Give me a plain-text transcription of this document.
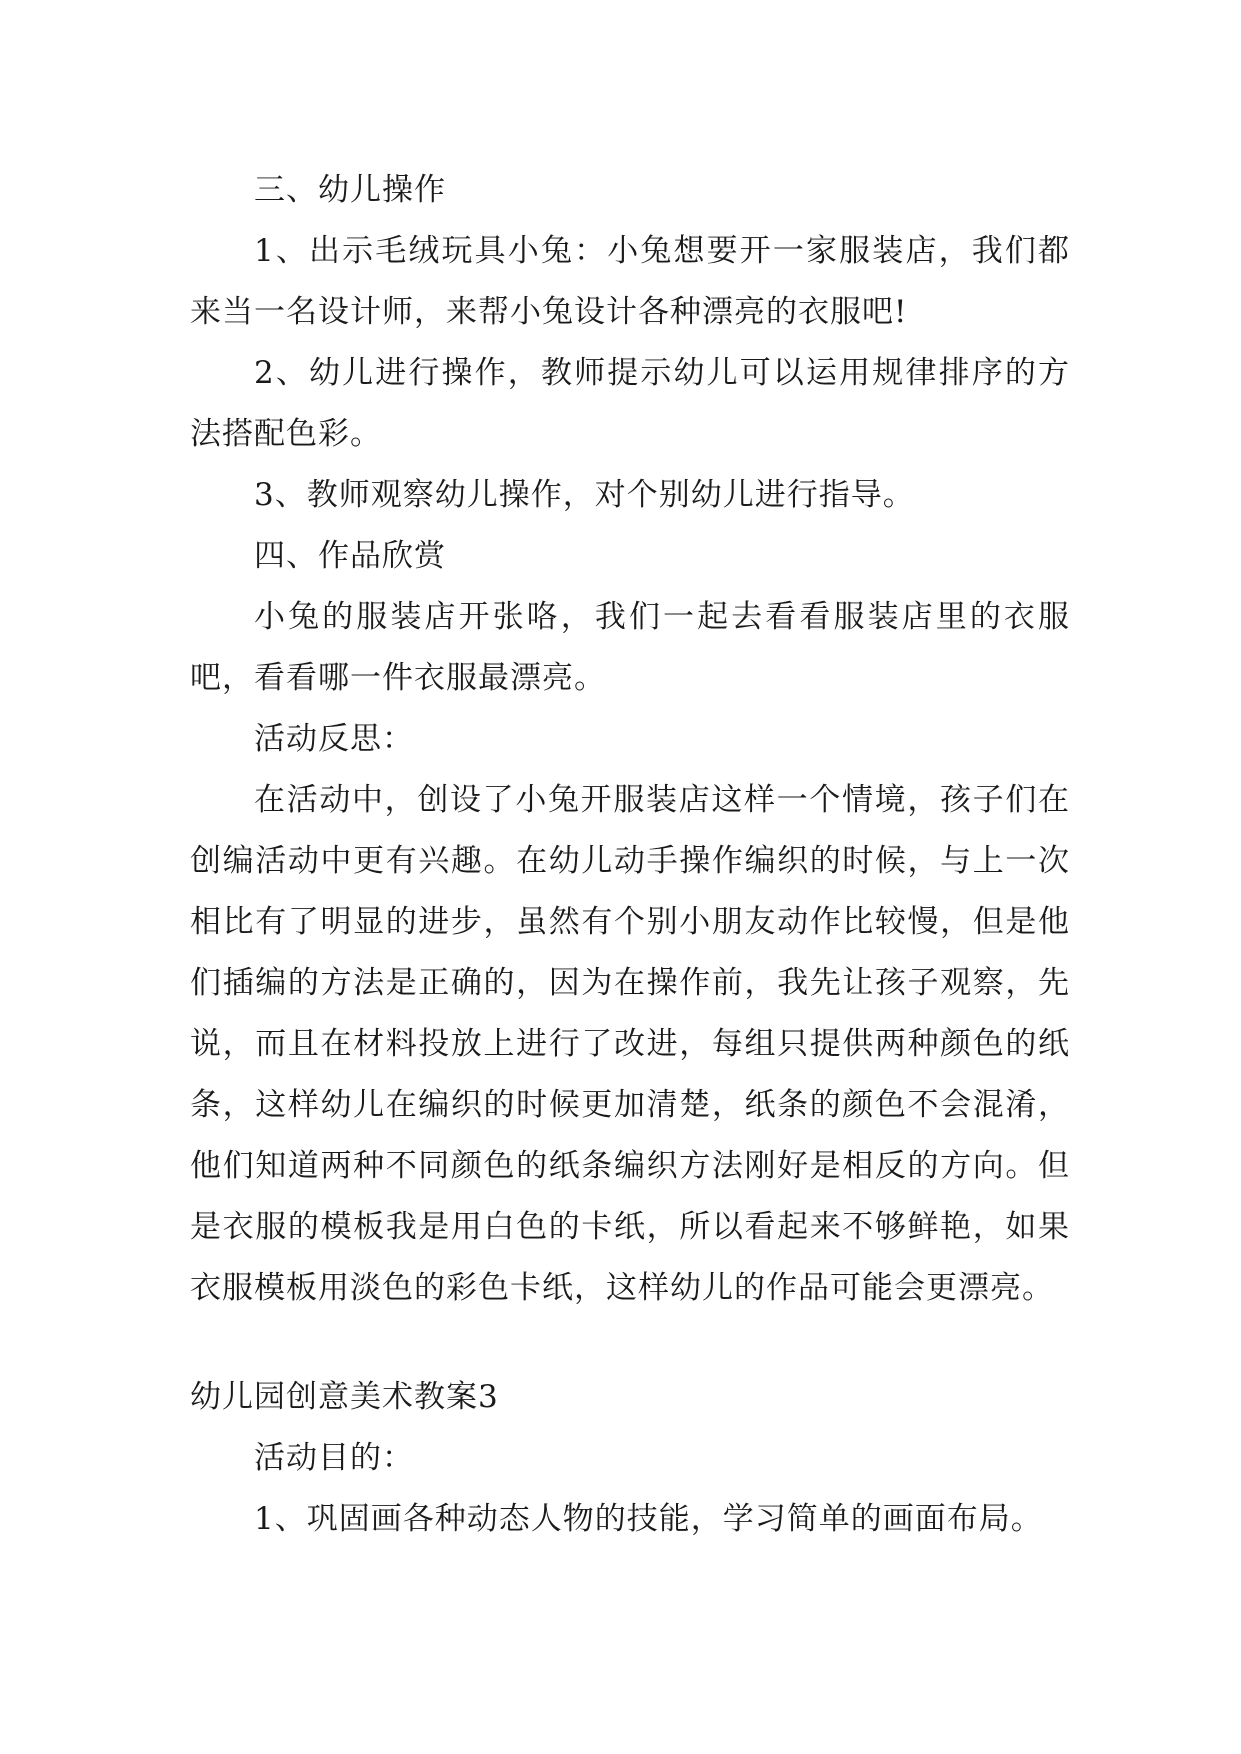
三、幼儿操作

1、出示毛绒玩具小兔：小兔想要开一家服装店，我们都来当一名设计师，来帮小兔设计各种漂亮的衣服吧!

2、幼儿进行操作，教师提示幼儿可以运用规律排序的方法搭配色彩。

3、教师观察幼儿操作，对个别幼儿进行指导。

四、作品欣赏

小兔的服装店开张咯，我们一起去看看服装店里的衣服吧，看看哪一件衣服最漂亮。

活动反思：

在活动中，创设了小兔开服装店这样一个情境，孩子们在创编活动中更有兴趣。在幼儿动手操作编织的时候，与上一次相比有了明显的进步，虽然有个别小朋友动作比较慢，但是他们插编的方法是正确的，因为在操作前，我先让孩子观察，先说，而且在材料投放上进行了改进，每组只提供两种颜色的纸条，这样幼儿在编织的时候更加清楚，纸条的颜色不会混淆，他们知道两种不同颜色的纸条编织方法刚好是相反的方向。但是衣服的模板我是用白色的卡纸，所以看起来不够鲜艳，如果衣服模板用淡色的彩色卡纸，这样幼儿的作品可能会更漂亮。

幼儿园创意美术教案3

活动目的：

1、巩固画各种动态人物的技能，学习简单的画面布局。
